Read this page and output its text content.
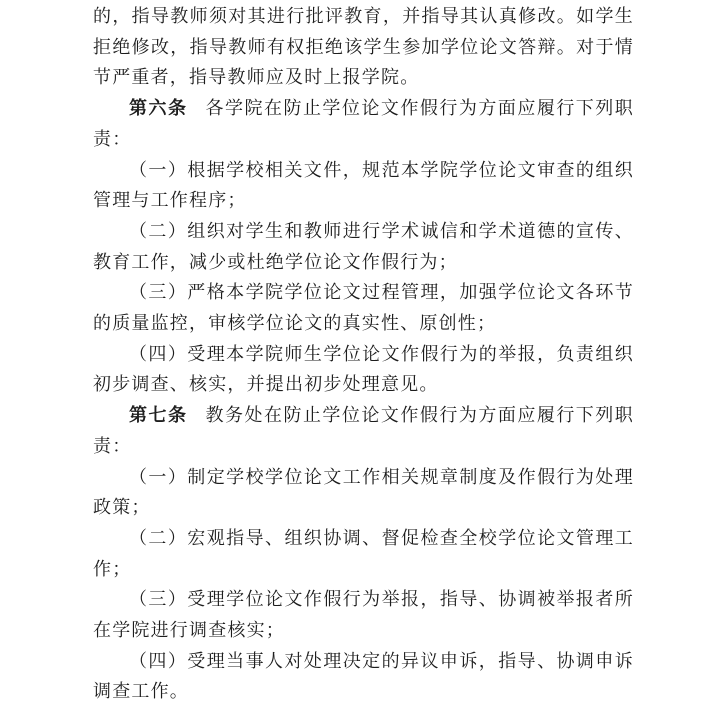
的，指导教师须对其进行批评教育，并指导其认真修改。如学生拒绝修改，指导教师有权拒绝该学生参加学位论文答辩。对于情节严重者，指导教师应及时上报学院。

第六条 各学院在防止学位论文作假行为方面应履行下列职责：

（一）根据学校相关文件，规范本学院学位论文审查的组织管理与工作程序；

（二）组织对学生和教师进行学术诚信和学术道德的宣传、教育工作，减少或杜绝学位论文作假行为；

（三）严格本学院学位论文过程管理，加强学位论文各环节的质量监控，审核学位论文的真实性、原创性；

（四）受理本学院师生学位论文作假行为的举报，负责组织初步调查、核实，并提出初步处理意见。

第七条 教务处在防止学位论文作假行为方面应履行下列职责：

（一）制定学校学位论文工作相关规章制度及作假行为处理政策；

（二）宏观指导、组织协调、督促检查全校学位论文管理工作；

（三）受理学位论文作假行为举报，指导、协调被举报者所在学院进行调查核实；

（四）受理当事人对处理决定的异议申诉，指导、协调申诉调查工作。
